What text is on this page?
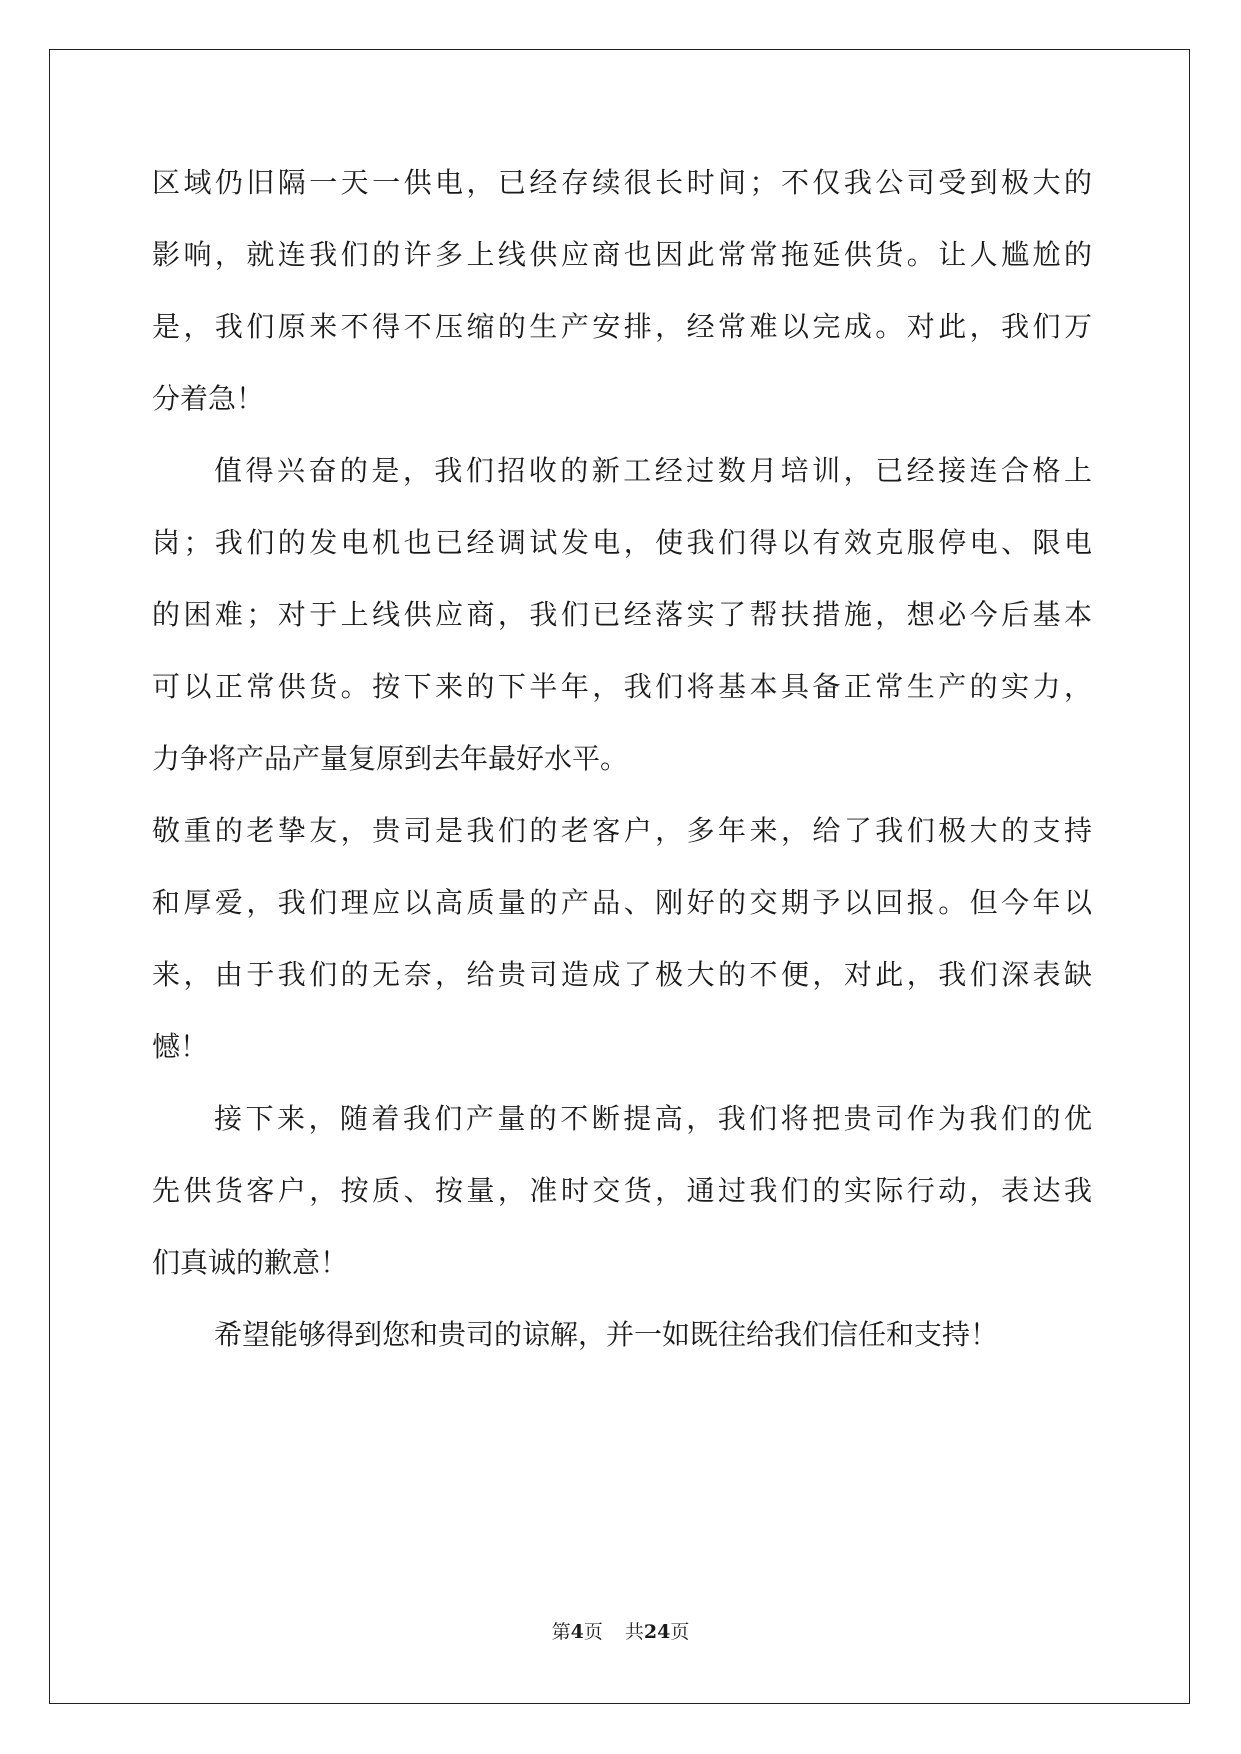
区域仍旧隔一天一供电，已经存续很长时间；不仅我公司受到极大的
影响，就连我们的许多上线供应商也因此常常拖延供货。让人尴尬的
是，我们原来不得不压缩的生产安排，经常难以完成。对此，我们万
分着急！
值得兴奋的是，我们招收的新工经过数月培训，已经接连合格上
岗；我们的发电机也已经调试发电，使我们得以有效克服停电、限电
的困难；对于上线供应商，我们已经落实了帮扶措施，想必今后基本
可以正常供货。按下来的下半年，我们将基本具备正常生产的实力，
力争将产品产量复原到去年最好水平。
敬重的老挚友，贵司是我们的老客户，多年来，给了我们极大的支持
和厚爱，我们理应以高质量的产品、刚好的交期予以回报。但今年以
来，由于我们的无奈，给贵司造成了极大的不便，对此，我们深表缺
憾！
接下来，随着我们产量的不断提高，我们将把贵司作为我们的优
先供货客户，按质、按量，准时交货，通过我们的实际行动，表达我
们真诚的歉意！
希望能够得到您和贵司的谅解，并一如既往给我们信任和支持！
第4页 共24页
